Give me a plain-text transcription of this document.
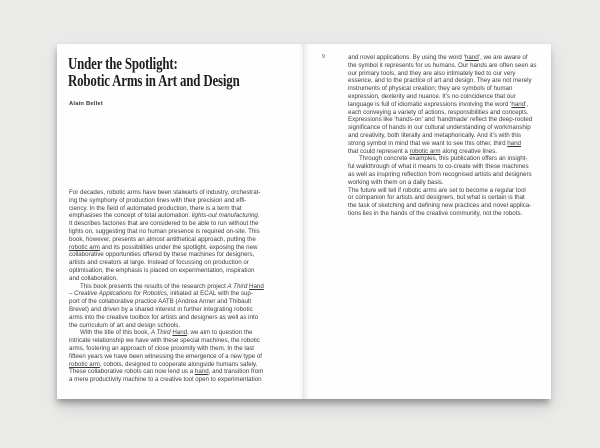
Under the Spotlight:
Robotic Arms in Art and Design
Alain Bellet
For decades, robotic arms have been stalwarts of industry, orchestrat-
ing the symphony of production lines with their precision and effi-
ciency. In the field of automated production, there is a term that
emphasises the concept of total automation: lights-out manufacturing.
It describes factories that are considered to be able to run without the
lights on, suggesting that no human presence is required on-site. This
book, however, presents an almost antithetical approach, putting the
robotic arm and its possibilities under the spotlight, exposing the new
collaborative opportunities offered by these machines for designers,
artists and creators at large. Instead of focussing on production or
optimisation, the emphasis is placed on experimentation, inspiration
and collaboration.
This book presents the results of the research project A Third Hand
– Creative Applications for Robotics, initiated at ECAL with the sup-
port of the collaborative practice AATB (Andrea Anner and Thibault
Brevet) and driven by a shared interest in further integrating robotic
arms into the creative toolbox for artists and designers as well as into
the curriculum of art and design schools.
With the title of this book, A Third Hand, we aim to question the
intricate relationship we have with these special machines, the robotic
arms, fostering an approach of close proximity with them. In the last
fifteen years we have been witnessing the emergence of a new type of
robotic arm, cobots, designed to cooperate alongside humans safely.
These collaborative robots can now lend us a hand, and transition from
a mere productivity machine to a creative tool open to experimentation
9	and novel applications. By using the word ‘hand’, we are aware of
the symbol it represents for us humans. Our hands are often seen as
our primary tools, and they are also intimately tied to our very
essence, and to the practice of art and design. They are not merely
instruments of physical creation; they are symbols of human
expression, dexterity and nuance. It’s no coincidence that our
language is full of idiomatic expressions involving the word ‘hand’,
each conveying a variety of actions, responsibilities and concepts.
Expressions like ‘hands-on’ and ‘handmade’ reflect the deep-rooted
significance of hands in our cultural understanding of workmanship
and creativity, both literally and metaphorically. And it’s with this
strong symbol in mind that we want to see this other, third hand
that could represent a robotic arm along creative lines.
Through concrete examples, this publication offers an insight-
ful walkthrough of what it means to co-create with these machines
as well as inspiring reflection from recognised artists and designers
working with them on a daily basis.
The future will tell if robotic arms are set to become a regular tool
or companion for artists and designers, but what is certain is that
the task of sketching and defining new practices and novel applica-
tions lies in the hands of the creative community, not the robots.
